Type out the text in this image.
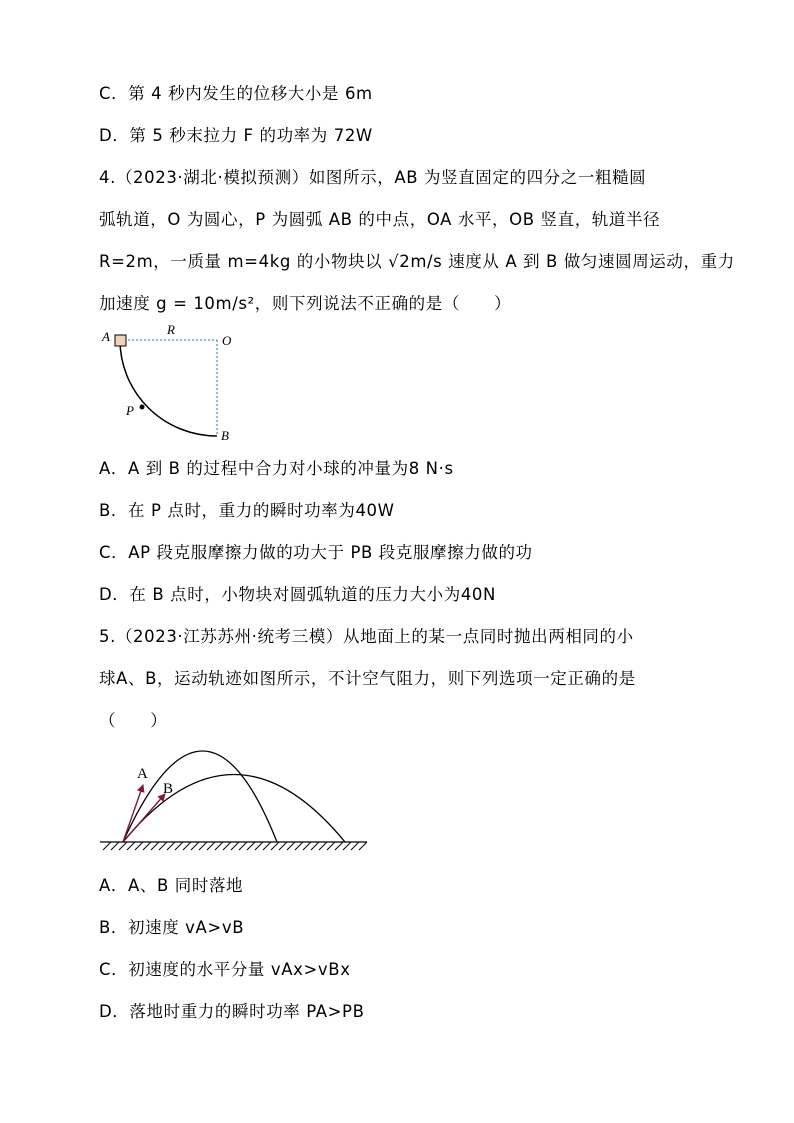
C．第 4 秒内发生的位移大小是 6m
D．第 5 秒末拉力 F 的功率为 72W
4.（2023·湖北·模拟预测）如图所示，AB 为竖直固定的四分之一粗糙圆
弧轨道，O 为圆心，P 为圆弧 AB 的中点，OA 水平，OB 竖直，轨道半径
R=2m，一质量 m=4kg 的小物块以 √2m/s 速度从 A 到 B 做匀速圆周运动，重力
加速度 g = 10m/s²，则下列说法不正确的是（　　）
A	R
O
P
B
A．A 到 B 的过程中合力对小球的冲量为8 N·s
B．在 P 点时，重力的瞬时功率为40W
C．AP 段克服摩擦力做的功大于 PB 段克服摩擦力做的功
D．在 B 点时，小物块对圆弧轨道的压力大小为40N
5.（2023·江苏苏州·统考三模）从地面上的某一点同时抛出两相同的小
球A、B，运动轨迹如图所示，不计空气阻力，则下列选项一定正确的是
（　　）
A
B
A．A、B 同时落地
B．初速度 vA>vB
C．初速度的水平分量 vAx>vBx
D．落地时重力的瞬时功率 PA>PB
